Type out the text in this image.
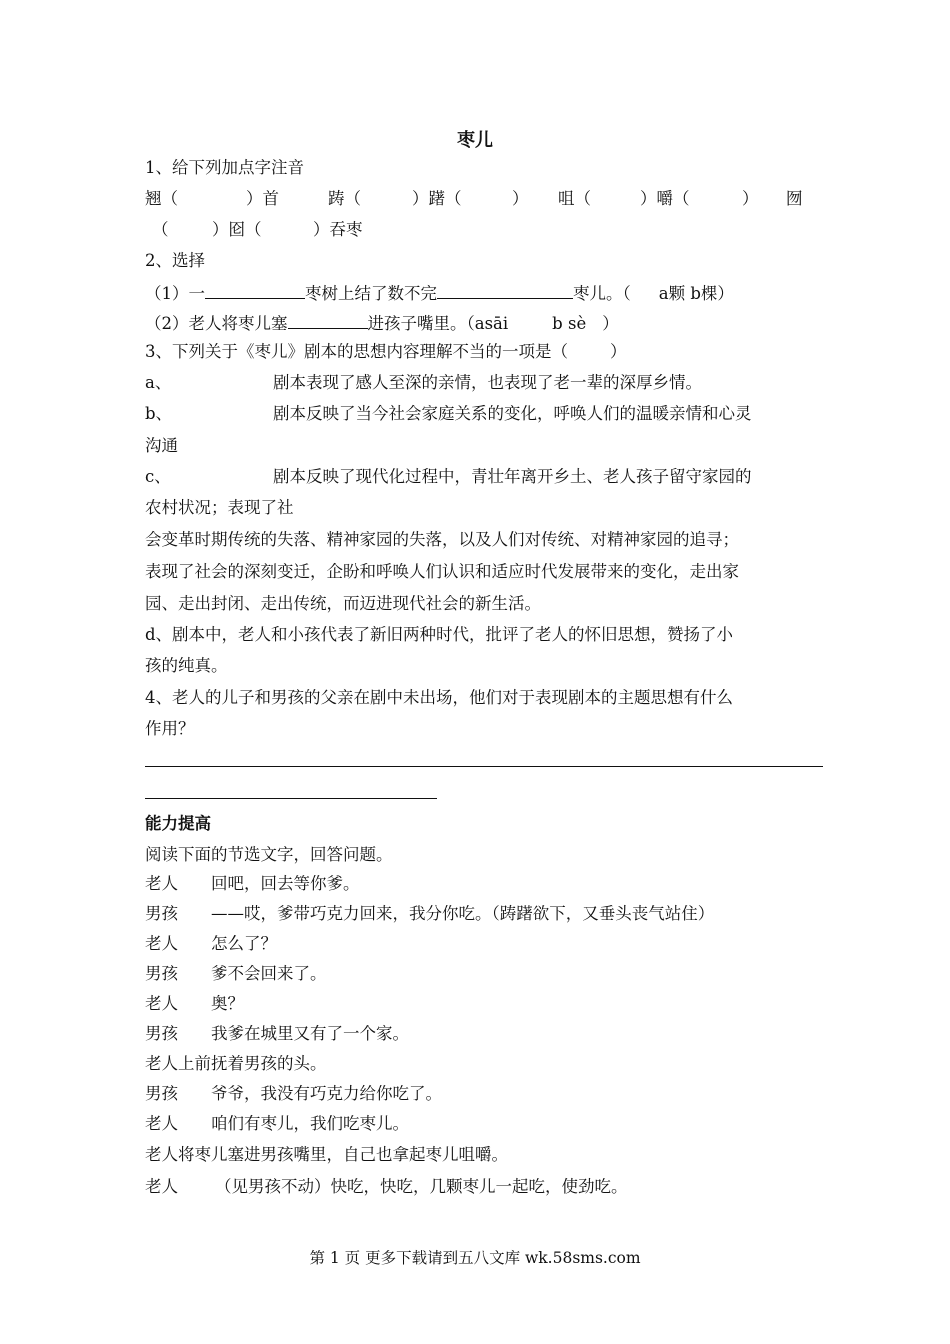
枣儿
1、给下列加点字注音
翘（	）首	踌（	）躇（	） 咀（	）嚼（	） 囫
（	）囵（	）吞枣
2、选择
（1）一	枣树上结了数不完	枣儿。（ a颗 b棵）
（2）老人将枣儿塞	进孩子嘴里。（asāi	b sè ）
3、下列关于《枣儿》剧本的思想内容理解不当的一项是（	）
a、	剧本表现了感人至深的亲情，也表现了老一辈的深厚乡情。
b、	剧本反映了当今社会家庭关系的变化，呼唤人们的温暖亲情和心灵
沟通
c、	剧本反映了现代化过程中，青壮年离开乡土、老人孩子留守家园的
农村状况；表现了社
会变革时期传统的失落、精神家园的失落，以及人们对传统、对精神家园的追寻；
表现了社会的深刻变迁，企盼和呼唤人们认识和适应时代发展带来的变化，走出家
园、走出封闭、走出传统，而迈进现代社会的新生活。
d、剧本中，老人和小孩代表了新旧两种时代，批评了老人的怀旧思想，赞扬了小
孩的纯真。
4、老人的儿子和男孩的父亲在剧中未出场，他们对于表现剧本的主题思想有什么
作用？
能力提高
阅读下面的节选文字，回答问题。
老人 回吧，回去等你爹。
男孩 ——哎，爹带巧克力回来，我分你吃。（踌躇欲下，又垂头丧气站住）
老人 怎么了？
男孩 爹不会回来了。
老人 奥？
男孩 我爹在城里又有了一个家。
老人上前抚着男孩的头。
男孩 爷爷，我没有巧克力给你吃了。
老人 咱们有枣儿，我们吃枣儿。
老人将枣儿塞进男孩嘴里，自己也拿起枣儿咀嚼。
老人 （见男孩不动）快吃，快吃，几颗枣儿一起吃，使劲吃。
第 1 页 更多下载请到五八文库 wk.58sms.com
